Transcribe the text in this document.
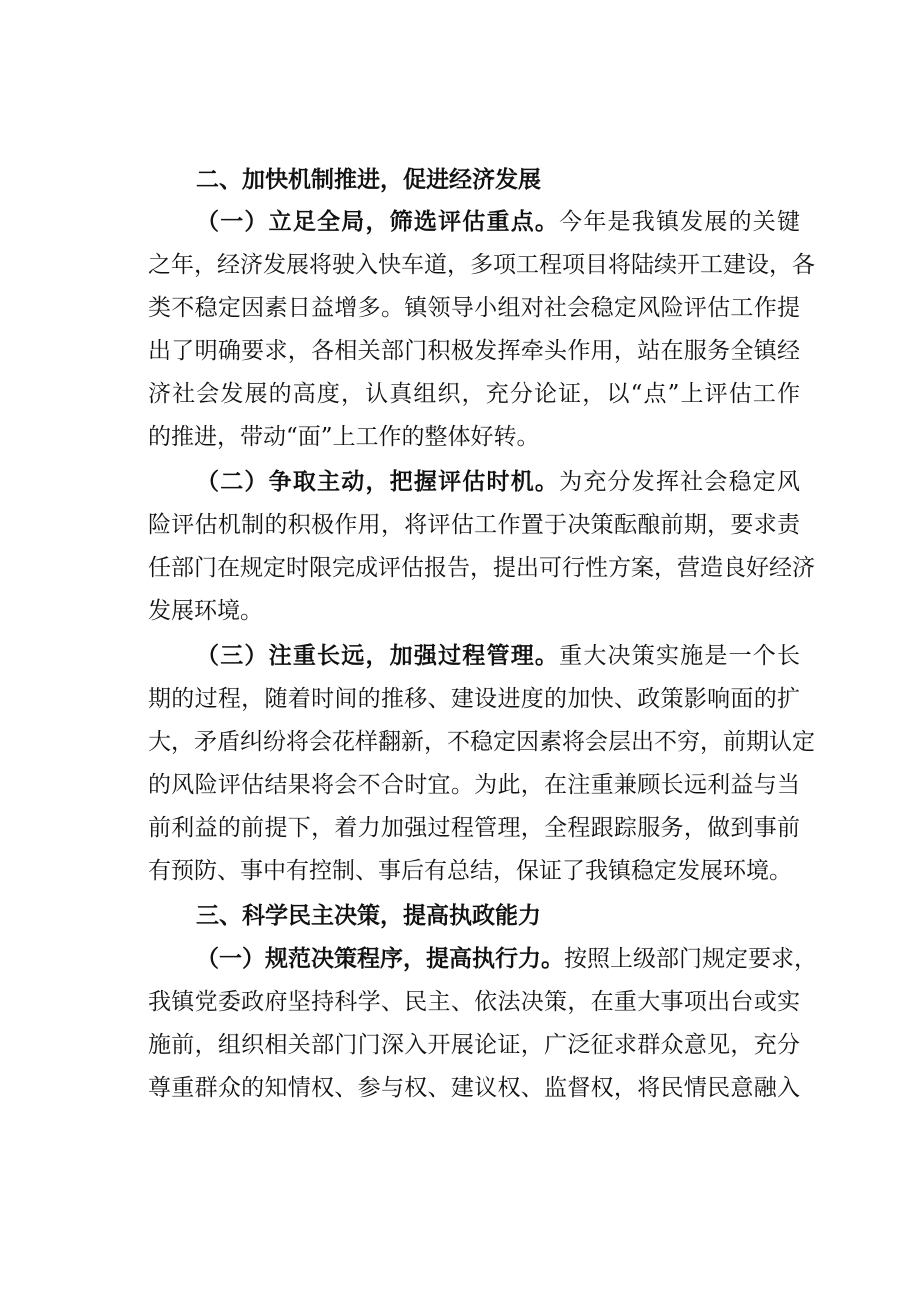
二、加快机制推进，促进经济发展
（一）立足全局，筛选评估重点。今年是我镇发展的关键
之年，经济发展将驶入快车道，多项工程项目将陆续开工建设，各
类不稳定因素日益增多。镇领导小组对社会稳定风险评估工作提
出了明确要求，各相关部门积极发挥牵头作用，站在服务全镇经
济社会发展的高度，认真组织，充分论证，以“点”上评估工作
的推进，带动“面”上工作的整体好转。
（二）争取主动，把握评估时机。为充分发挥社会稳定风
险评估机制的积极作用，将评估工作置于决策酝酿前期，要求责
任部门在规定时限完成评估报告，提出可行性方案，营造良好经济
发展环境。
（三）注重长远，加强过程管理。重大决策实施是一个长
期的过程，随着时间的推移、建设进度的加快、政策影响面的扩
大，矛盾纠纷将会花样翻新，不稳定因素将会层出不穷，前期认定
的风险评估结果将会不合时宜。为此，在注重兼顾长远利益与当
前利益的前提下，着力加强过程管理，全程跟踪服务，做到事前
有预防、事中有控制、事后有总结，保证了我镇稳定发展环境。
三、科学民主决策，提高执政能力
（一）规范决策程序，提高执行力。按照上级部门规定要求，
我镇党委政府坚持科学、民主、依法决策，在重大事项出台或实
施前，组织相关部门门深入开展论证，广泛征求群众意见，充分
尊重群众的知情权、参与权、建议权、监督权，将民情民意融入
